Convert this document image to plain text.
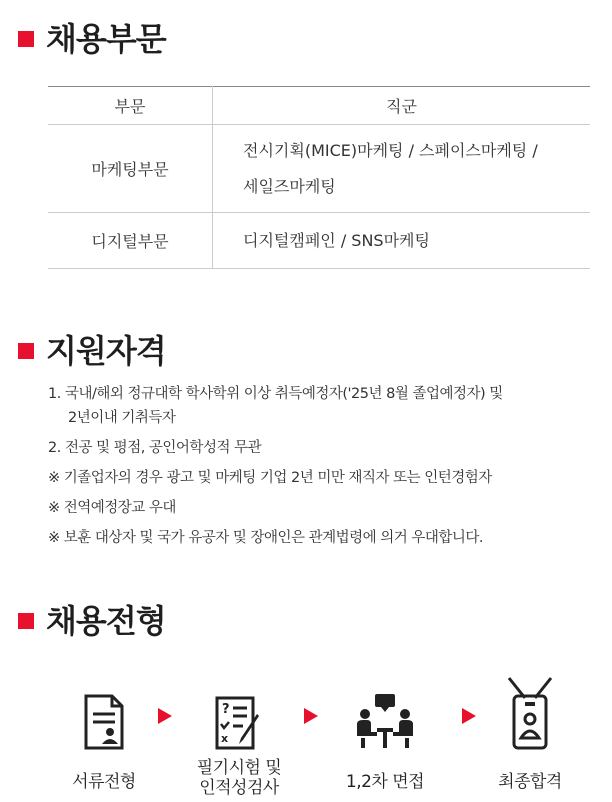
채용부문
부문	직군
마케팅부문	전시기획(MICE)마케팅 / 스페이스마케팅 /
세일즈마케팅

디지털부문	디지털캠페인 / SNS마케팅
지원자격
1. 국내/해외 정규대학 학사학위 이상 취득예정자('25년 8월 졸업예정자) 및
2년이내 기취득자
2. 전공 및 평점, 공인어학성적 무관
※ 기졸업자의 경우 광고 및 마케팅 기업 2년 미만 재직자 또는 인턴경험자
※ 전역예정장교 우대
※ 보훈 대상자 및 국가 유공자 및 장애인은 관계법령에 의거 우대합니다.
채용전형
서류전형
?
x
필기시험 및
인적성검사	1,2차 면접	최종합격
